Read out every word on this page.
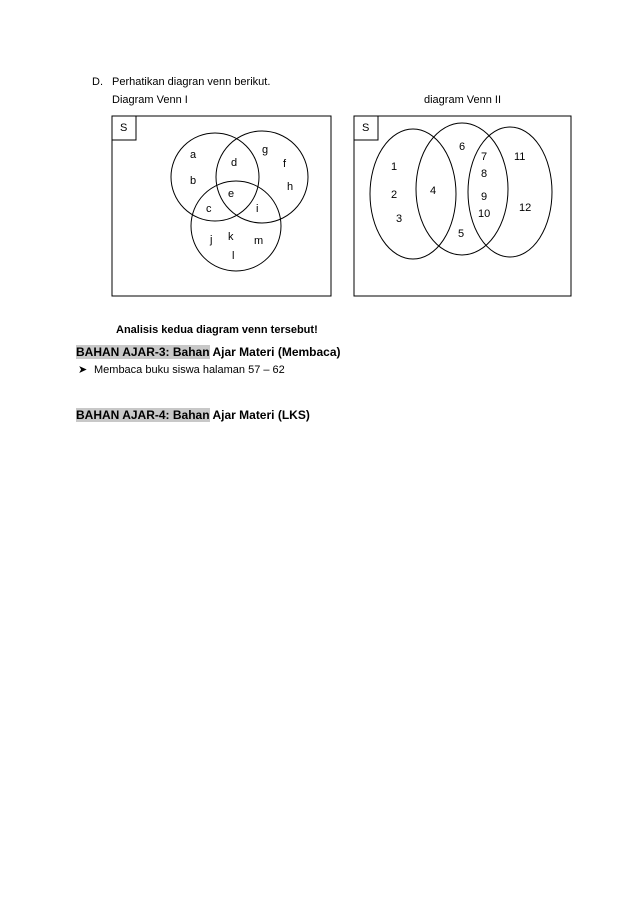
D. Perhatikan diagran venn berikut.
Diagram Venn I	diagram Venn II
S
a
b
d
e
g
f
h
c	i
j k
l
m
S
1
2
3
4
5
6
7
8
9
10
11
12
Analisis kedua diagram venn tersebut!
BAHAN AJAR-3: Bahan Ajar Materi (Membaca)
➤ Membaca buku siswa halaman 57 – 62
BAHAN AJAR-4: Bahan Ajar Materi (LKS)
